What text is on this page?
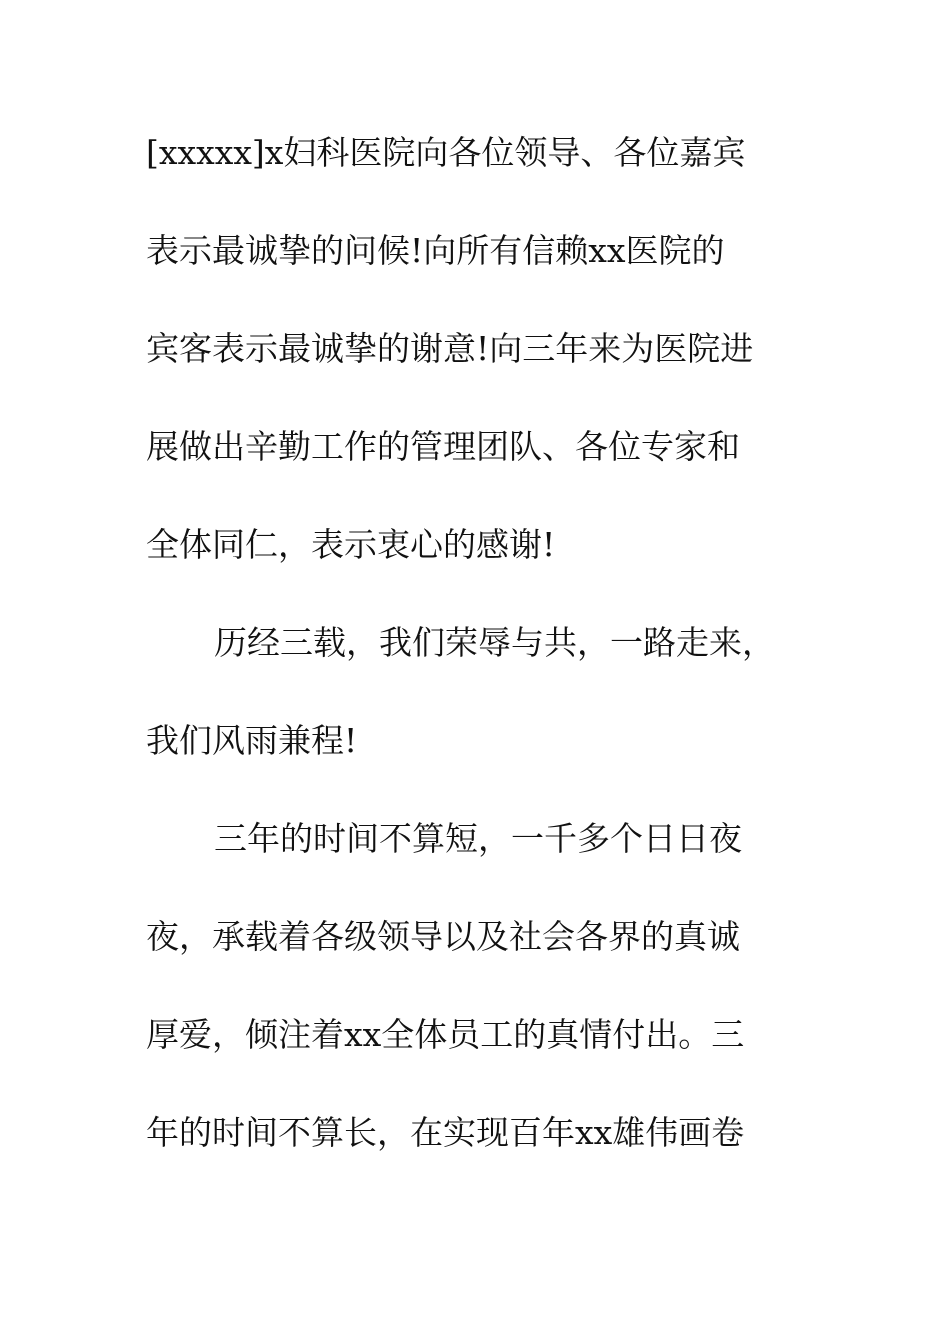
[xxxxx]x妇科医院向各位领导、各位嘉宾
表示最诚挚的问候!向所有信赖xx医院的
宾客表示最诚挚的谢意!向三年来为医院进
展做出辛勤工作的管理团队、各位专家和
全体同仁，表示衷心的感谢!
历经三载，我们荣辱与共，一路走来，
我们风雨兼程!
三年的时间不算短，一千多个日日夜
夜，承载着各级领导以及社会各界的真诚
厚爱，倾注着xx全体员工的真情付出。三
年的时间不算长，在实现百年xx雄伟画卷
